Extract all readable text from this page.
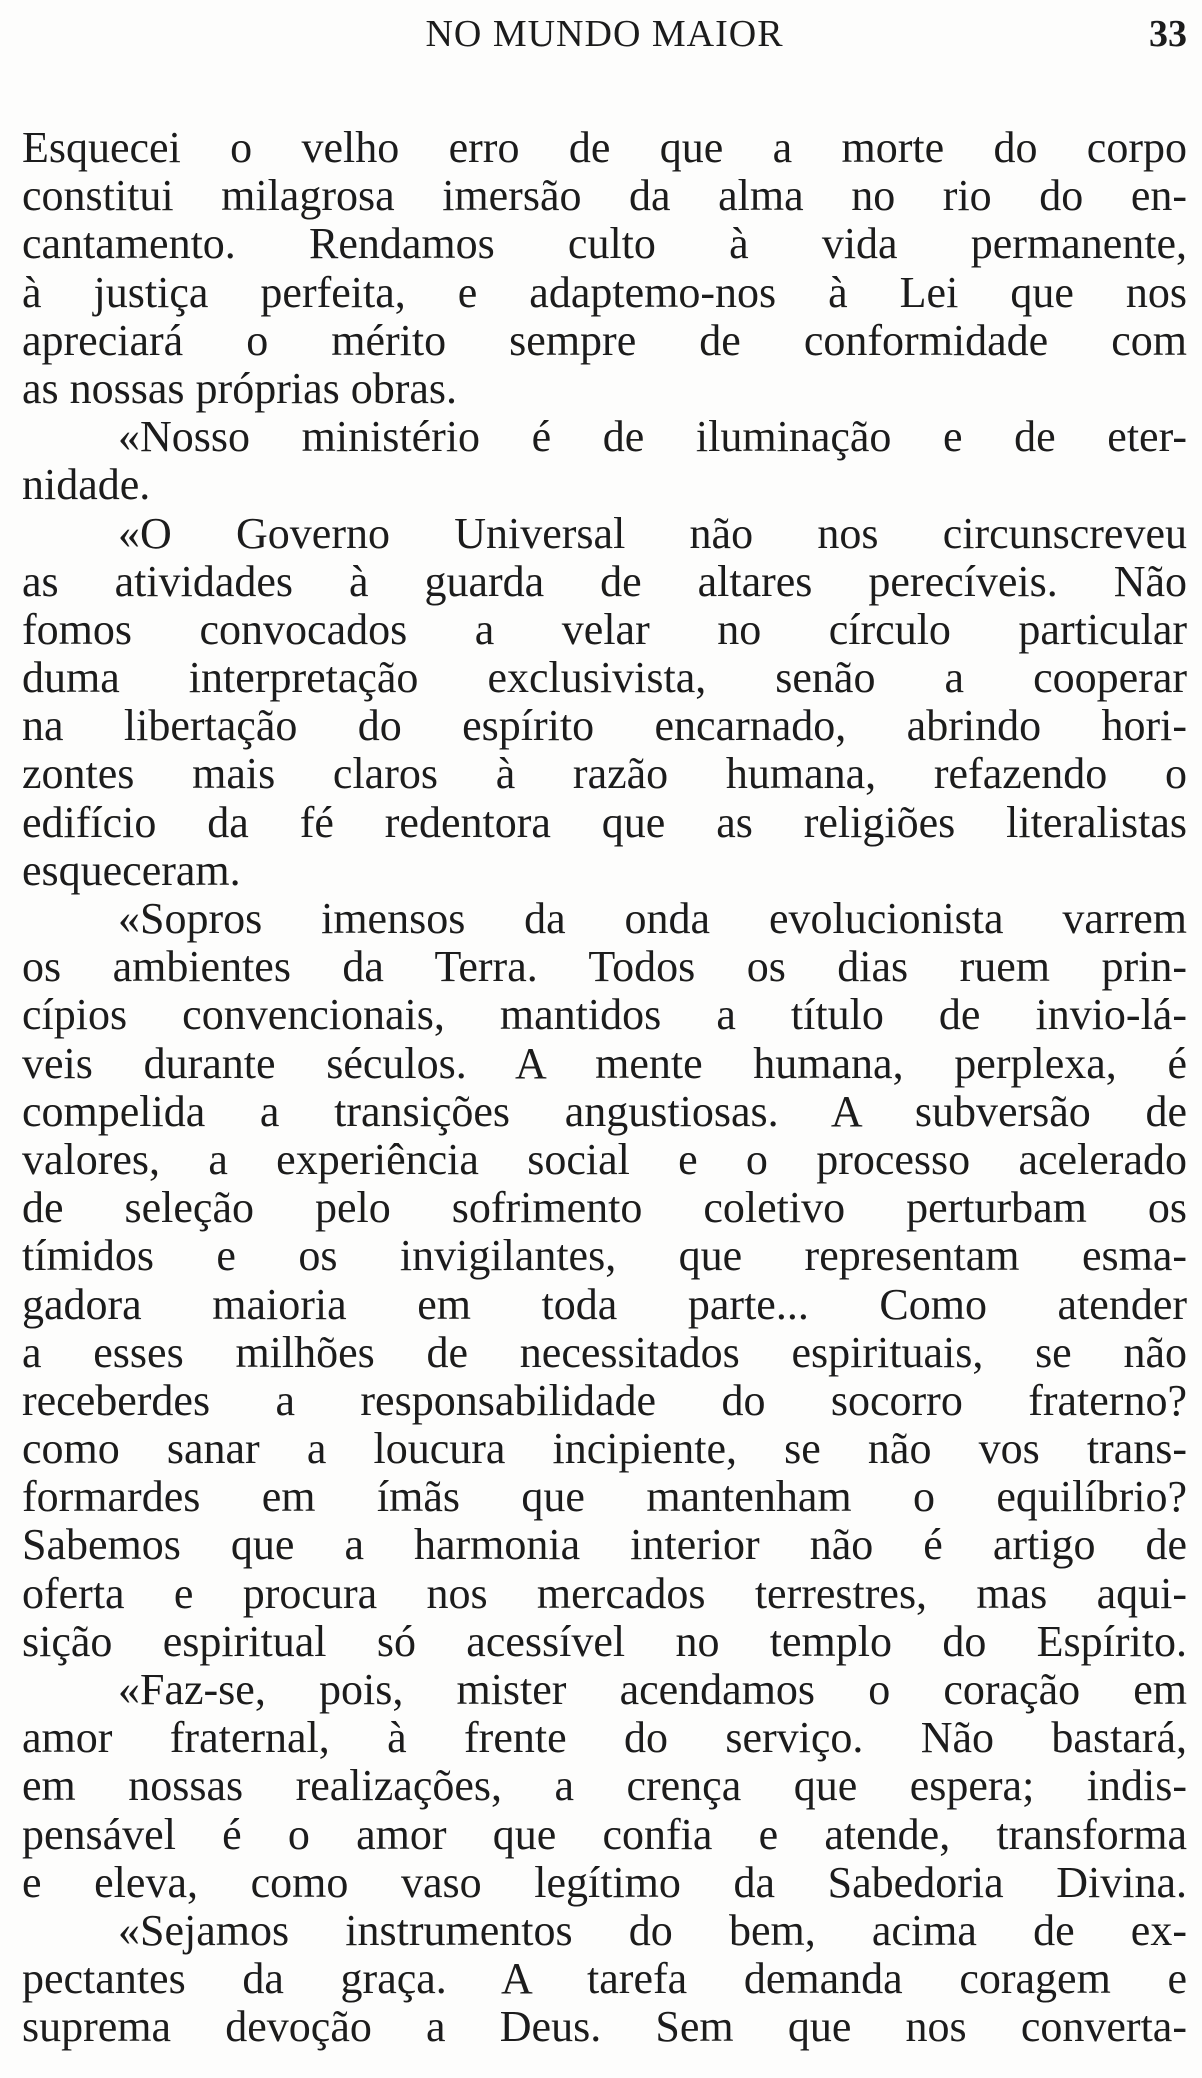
NO MUNDO MAIOR	33
Esquecei o velho erro de que a morte do corpo
constitui milagrosa imersão da alma no rio do en-
cantamento. Rendamos culto à vida permanente,
à justiça perfeita, e adaptemo-nos à Lei que nos
apreciará o mérito sempre de conformidade com
as nossas próprias obras.
«Nosso ministério é de iluminação e de eter-
nidade.
«O Governo Universal não nos circunscreveu
as atividades à guarda de altares perecíveis. Não
fomos convocados a velar no círculo particular
duma interpretação exclusivista, senão a cooperar
na libertação do espírito encarnado, abrindo hori-
zontes mais claros à razão humana, refazendo o
edifício da fé redentora que as religiões literalistas
esqueceram.
«Sopros imensos da onda evolucionista varrem
os ambientes da Terra. Todos os dias ruem prin-
cípios convencionais, mantidos a título de invio-lá-
veis durante séculos. A mente humana, perplexa, é
compelida a transições angustiosas. A subversão de
valores, a experiência social e o processo acelerado
de seleção pelo sofrimento coletivo perturbam os
tímidos e os invigilantes, que representam esma-
gadora maioria em toda parte... Como atender
a esses milhões de necessitados espirituais, se não
receberdes a responsabilidade do socorro fraterno?
como sanar a loucura incipiente, se não vos trans-
formardes em ímãs que mantenham o equilíbrio?
Sabemos que a harmonia interior não é artigo de
oferta e procura nos mercados terrestres, mas aqui-
sição espiritual só acessível no templo do Espírito.
«Faz-se, pois, mister acendamos o coração em
amor fraternal, à frente do serviço. Não bastará,
em nossas realizações, a crença que espera; indis-
pensável é o amor que confia e atende, transforma
e eleva, como vaso legítimo da Sabedoria Divina.
«Sejamos instrumentos do bem, acima de ex-
pectantes da graça. A tarefa demanda coragem e
suprema devoção a Deus. Sem que nos converta-
